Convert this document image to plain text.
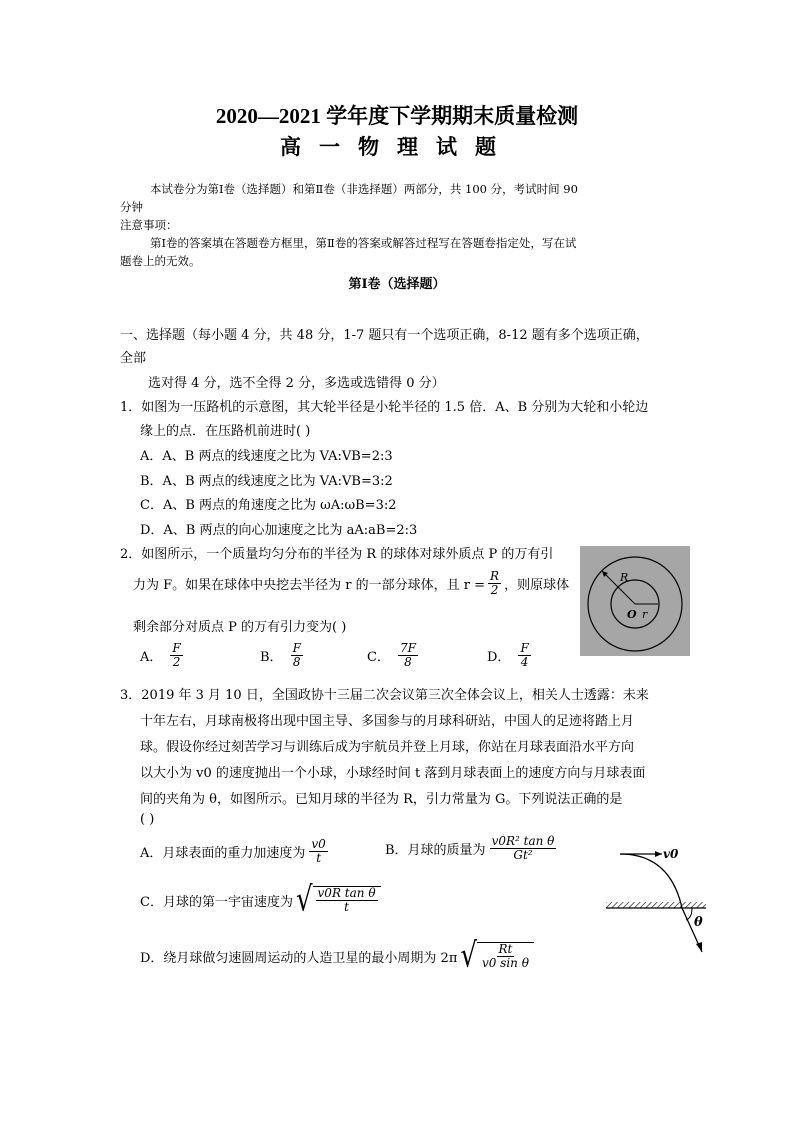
2020—2021 学年度下学期期末质量检测
高一物理试题
本试卷分为第Ⅰ卷（选择题）和第Ⅱ卷（非选择题）两部分，共 100 分，考试时间 90
分钟
注意事项：
第Ⅰ卷的答案填在答题卷方框里，第Ⅱ卷的答案或解答过程写在答题卷指定处，写在试
题卷上的无效。
第Ⅰ卷（选择题）
一、选择题（每小题 4 分，共 48 分，1-7 题只有一个选项正确，8-12 题有多个选项正确，
全部
选对得 4 分，选不全得 2 分，多选或选错得 0 分）
1．如图为一压路机的示意图，其大轮半径是小轮半径的 1.5 倍．A、B 分别为大轮和小轮边
缘上的点．在压路机前进时( )
A．A、B 两点的线速度之比为 VA:VB=2:3
B．A、B 两点的线速度之比为 VA:VB=3:2
C．A、B 两点的角速度之比为 ωA:ωB=3:2
D．A、B 两点的向心加速度之比为 aA:aB=2:3
2．如图所示，一个质量均匀分布的半径为 R 的球体对球外质点 P 的万有引
力为 F。如果在球体中央挖去半径为 r 的一部分球体，且 $r = \frac{R}{2}$ ，则原球体
剩余部分对质点 P 的万有引力变为( )
A． $\frac{F}{2}$	B． $\frac{F}{8}$	C． $\frac{7F}{8}$	D． $\frac{F}{4}$
R
O r
3．2019 年 3 月 10 日，全国政协十三届二次会议第三次全体会议上，相关人士透露：未来
十年左右，月球南极将出现中国主导、多国参与的月球科研站，中国人的足迹将踏上月
球。假设你经过刻苦学习与训练后成为宇航员并登上月球，你站在月球表面沿水平方向
以大小为 v0 的速度抛出一个小球，小球经时间 t 落到月球表面上的速度方向与月球表面
间的夹角为 θ，如图所示。已知月球的半径为 R，引力常量为 G。下列说法正确的是
( )
A．月球表面的重力加速度为 $\frac{v0}{t}$	B．月球的质量为 $\frac{\text{v0R² tan θ}}{\text{Gt²}}$
C．月球的第一宇宙速度为 √ $\frac{\text{v0R tan θ}}{t}$
D．绕月球做匀速圆周运动的人造卫星的最小周期为 2π √ $\frac{Rt}{\text{v0 sin θ}}$
v0
θ
